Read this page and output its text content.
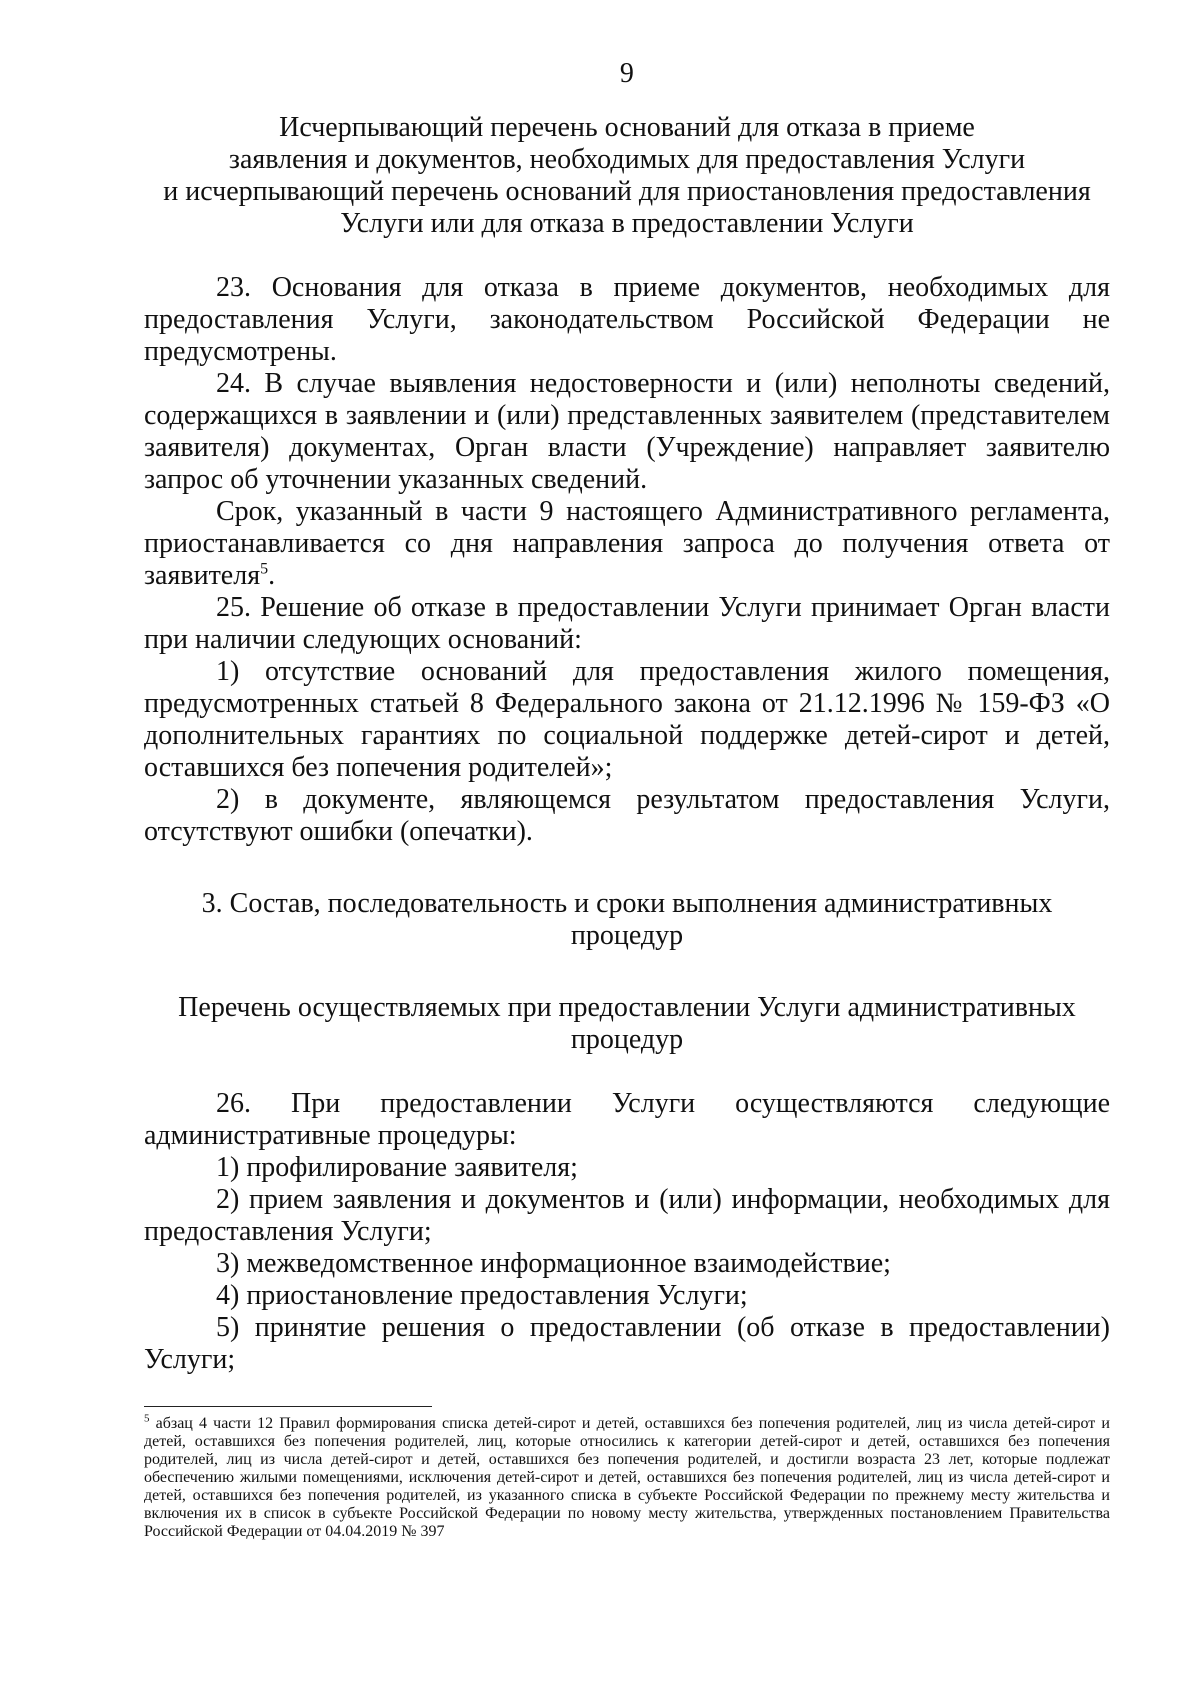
9
Исчерпывающий перечень оснований для отказа в приеме
заявления и документов, необходимых для предоставления Услуги
и исчерпывающий перечень оснований для приостановления предоставления
Услуги или для отказа в предоставлении Услуги

23. Основания для отказа в приеме документов, необходимых для предоставления Услуги, законодательством Российской Федерации не предусмотрены.

24. В случае выявления недостоверности и (или) неполноты сведений, содержащихся в заявлении и (или) представленных заявителем (представителем заявителя) документах, Орган власти (Учреждение) направляет заявителю запрос об уточнении указанных сведений.

Срок, указанный в части 9 настоящего Административного регламента, приостанавливается со дня направления запроса до получения ответа от заявителя$^5$.

25. Решение об отказе в предоставлении Услуги принимает Орган власти при наличии следующих оснований:

1) отсутствие оснований для предоставления жилого помещения, предусмотренных статьей 8 Федерального закона от 21.12.1996 № 159-ФЗ «О дополнительных гарантиях по социальной поддержке детей-сирот и детей, оставшихся без попечения родителей»;

2) в документе, являющемся результатом предоставления Услуги, отсутствуют ошибки (опечатки).

3. Состав, последовательность и сроки выполнения административных
процедур
Перечень осуществляемых при предоставлении Услуги административных
процедур

26. При предоставлении Услуги осуществляются следующие административные процедуры:

1) профилирование заявителя;

2) прием заявления и документов и (или) информации, необходимых для предоставления Услуги;

3) межведомственное информационное взаимодействие;

4) приостановление предоставления Услуги;

5) принятие решения о предоставлении (об отказе в предоставлении) Услуги;

$^5$ абзац 4 части 12 Правил формирования списка детей-сирот и детей, оставшихся без попечения родителей, лиц из числа детей-сирот и детей, оставшихся без попечения родителей, лиц, которые относились к категории детей-сирот и детей, оставшихся без попечения родителей, лиц из числа детей-сирот и детей, оставшихся без попечения родителей, и достигли возраста 23 лет, которые подлежат обеспечению жилыми помещениями, исключения детей-сирот и детей, оставшихся без попечения родителей, лиц из числа детей-сирот и детей, оставшихся без попечения родителей, из указанного списка в субъекте Российской Федерации по прежнему месту жительства и включения их в список в субъекте Российской Федерации по новому месту жительства, утвержденных постановлением Правительства Российской Федерации от 04.04.2019 № 397
